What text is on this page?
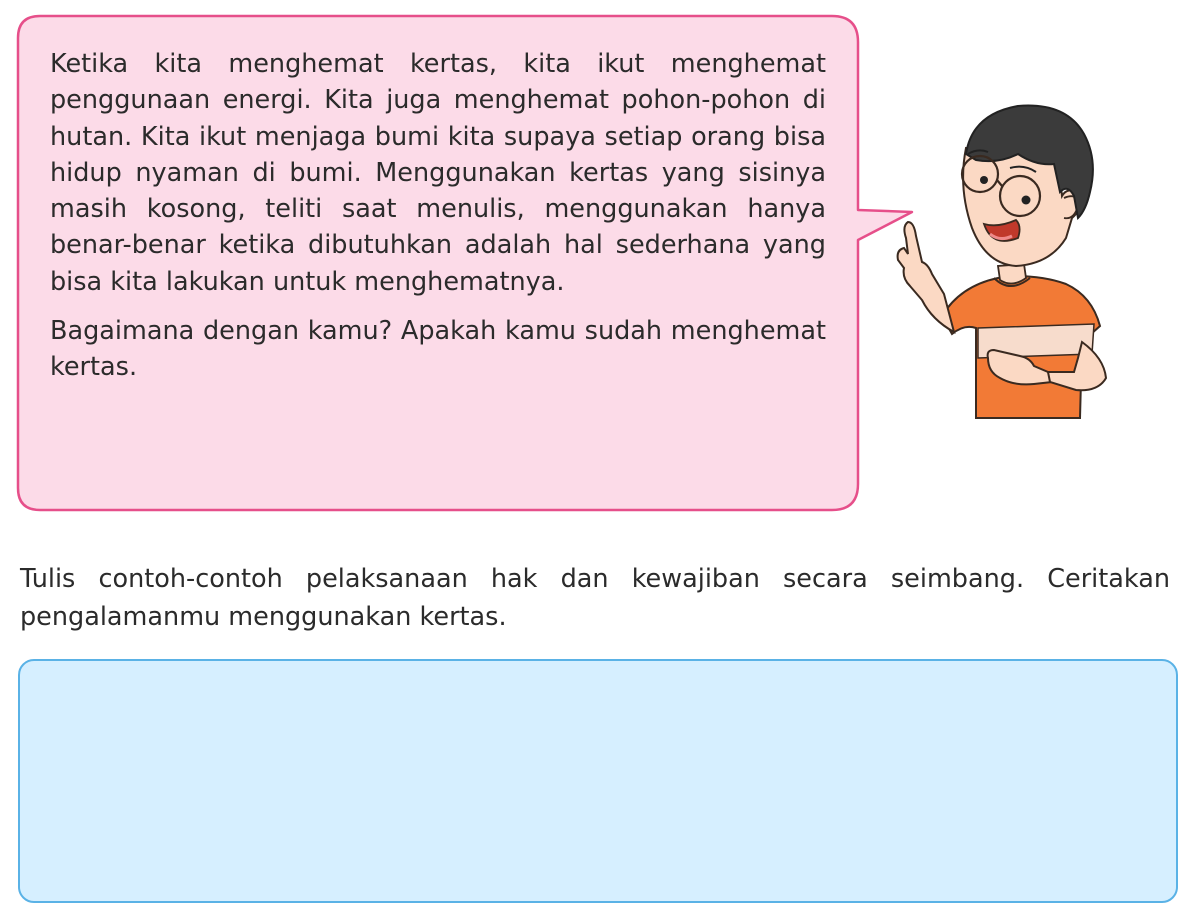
Ketika kita menghemat kertas, kita ikut menghemat penggunaan energi. Kita juga menghemat pohon-pohon di hutan. Kita ikut menjaga bumi kita supaya setiap orang bisa hidup nyaman di bumi. Menggunakan kertas yang sisinya masih kosong, teliti saat menulis, menggunakan hanya benar-benar ketika dibutuhkan adalah hal sederhana yang bisa kita lakukan untuk menghematnya.

Bagaimana dengan kamu? Apakah kamu sudah menghemat kertas.

Tulis contoh-contoh pelaksanaan hak dan kewajiban secara seimbang. Ceritakan pengalamanmu menggunakan kertas.
